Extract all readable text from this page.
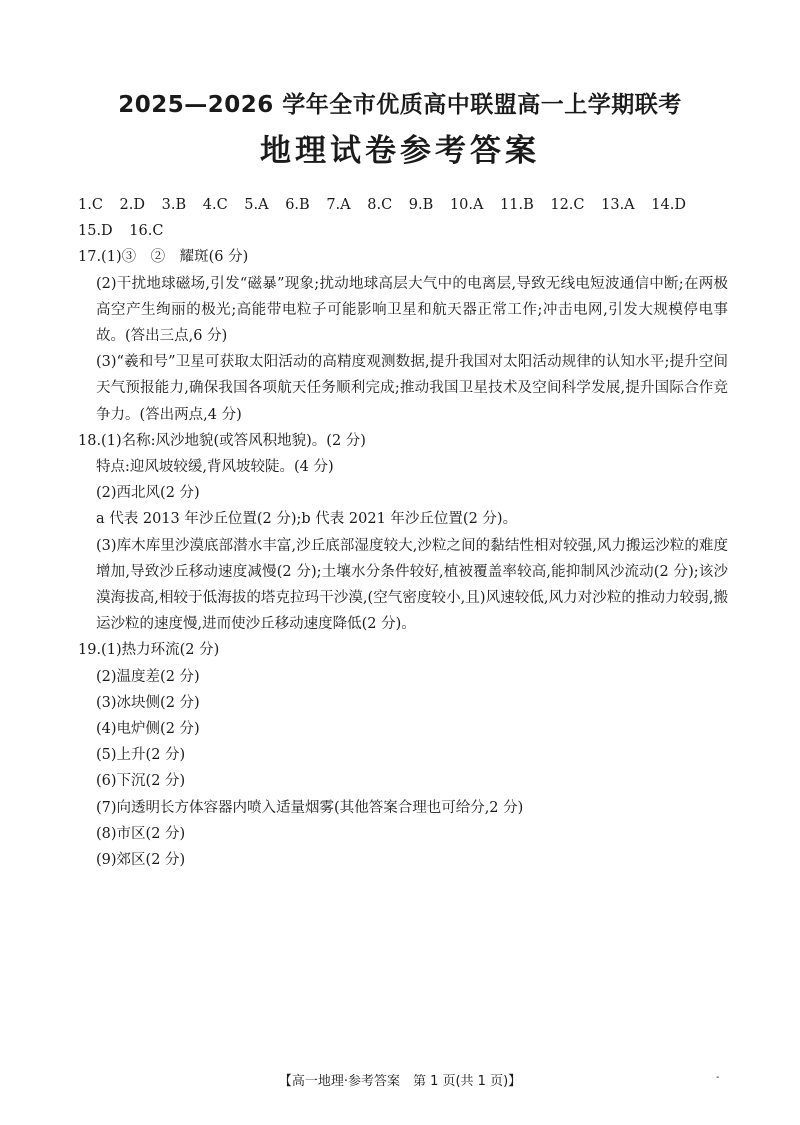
2025—2026 学年全市优质高中联盟高一上学期联考
地理试卷参考答案
1.C 2.D 3.B 4.C 5.A 6.B 7.A 8.C 9.B 10.A 11.B 12.C 13.A 14.D
15.D 16.C
17.(1)③　②　耀斑(6 分)
(2)干扰地球磁场,引发“磁暴”现象;扰动地球高层大气中的电离层,导致无线电短波通信中断;在两极高空产生绚丽的极光;高能带电粒子可能影响卫星和航天器正常工作;冲击电网,引发大规模停电事故。(答出三点,6 分)
(3)“羲和号”卫星可获取太阳活动的高精度观测数据,提升我国对太阳活动规律的认知水平;提升空间天气预报能力,确保我国各项航天任务顺利完成;推动我国卫星技术及空间科学发展,提升国际合作竞争力。(答出两点,4 分)
18.(1)名称:风沙地貌(或答风积地貌)。(2 分)
特点:迎风坡较缓,背风坡较陡。(4 分)
(2)西北风(2 分)
a 代表 2013 年沙丘位置(2 分);b 代表 2021 年沙丘位置(2 分)。
(3)库木库里沙漠底部潜水丰富,沙丘底部湿度较大,沙粒之间的黏结性相对较强,风力搬运沙粒的难度增加,导致沙丘移动速度减慢(2 分);土壤水分条件较好,植被覆盖率较高,能抑制风沙流动(2 分);该沙漠海拔高,相较于低海拔的塔克拉玛干沙漠,(空气密度较小,且)风速较低,风力对沙粒的推动力较弱,搬运沙粒的速度慢,进而使沙丘移动速度降低(2 分)。
19.(1)热力环流(2 分)
(2)温度差(2 分)
(3)冰块侧(2 分)
(4)电炉侧(2 分)
(5)上升(2 分)
(6)下沉(2 分)
(7)向透明长方体容器内喷入适量烟雾(其他答案合理也可给分,2 分)
(8)市区(2 分)
(9)郊区(2 分)
【高一地理·参考答案　第 1 页(共 1 页)】	-
